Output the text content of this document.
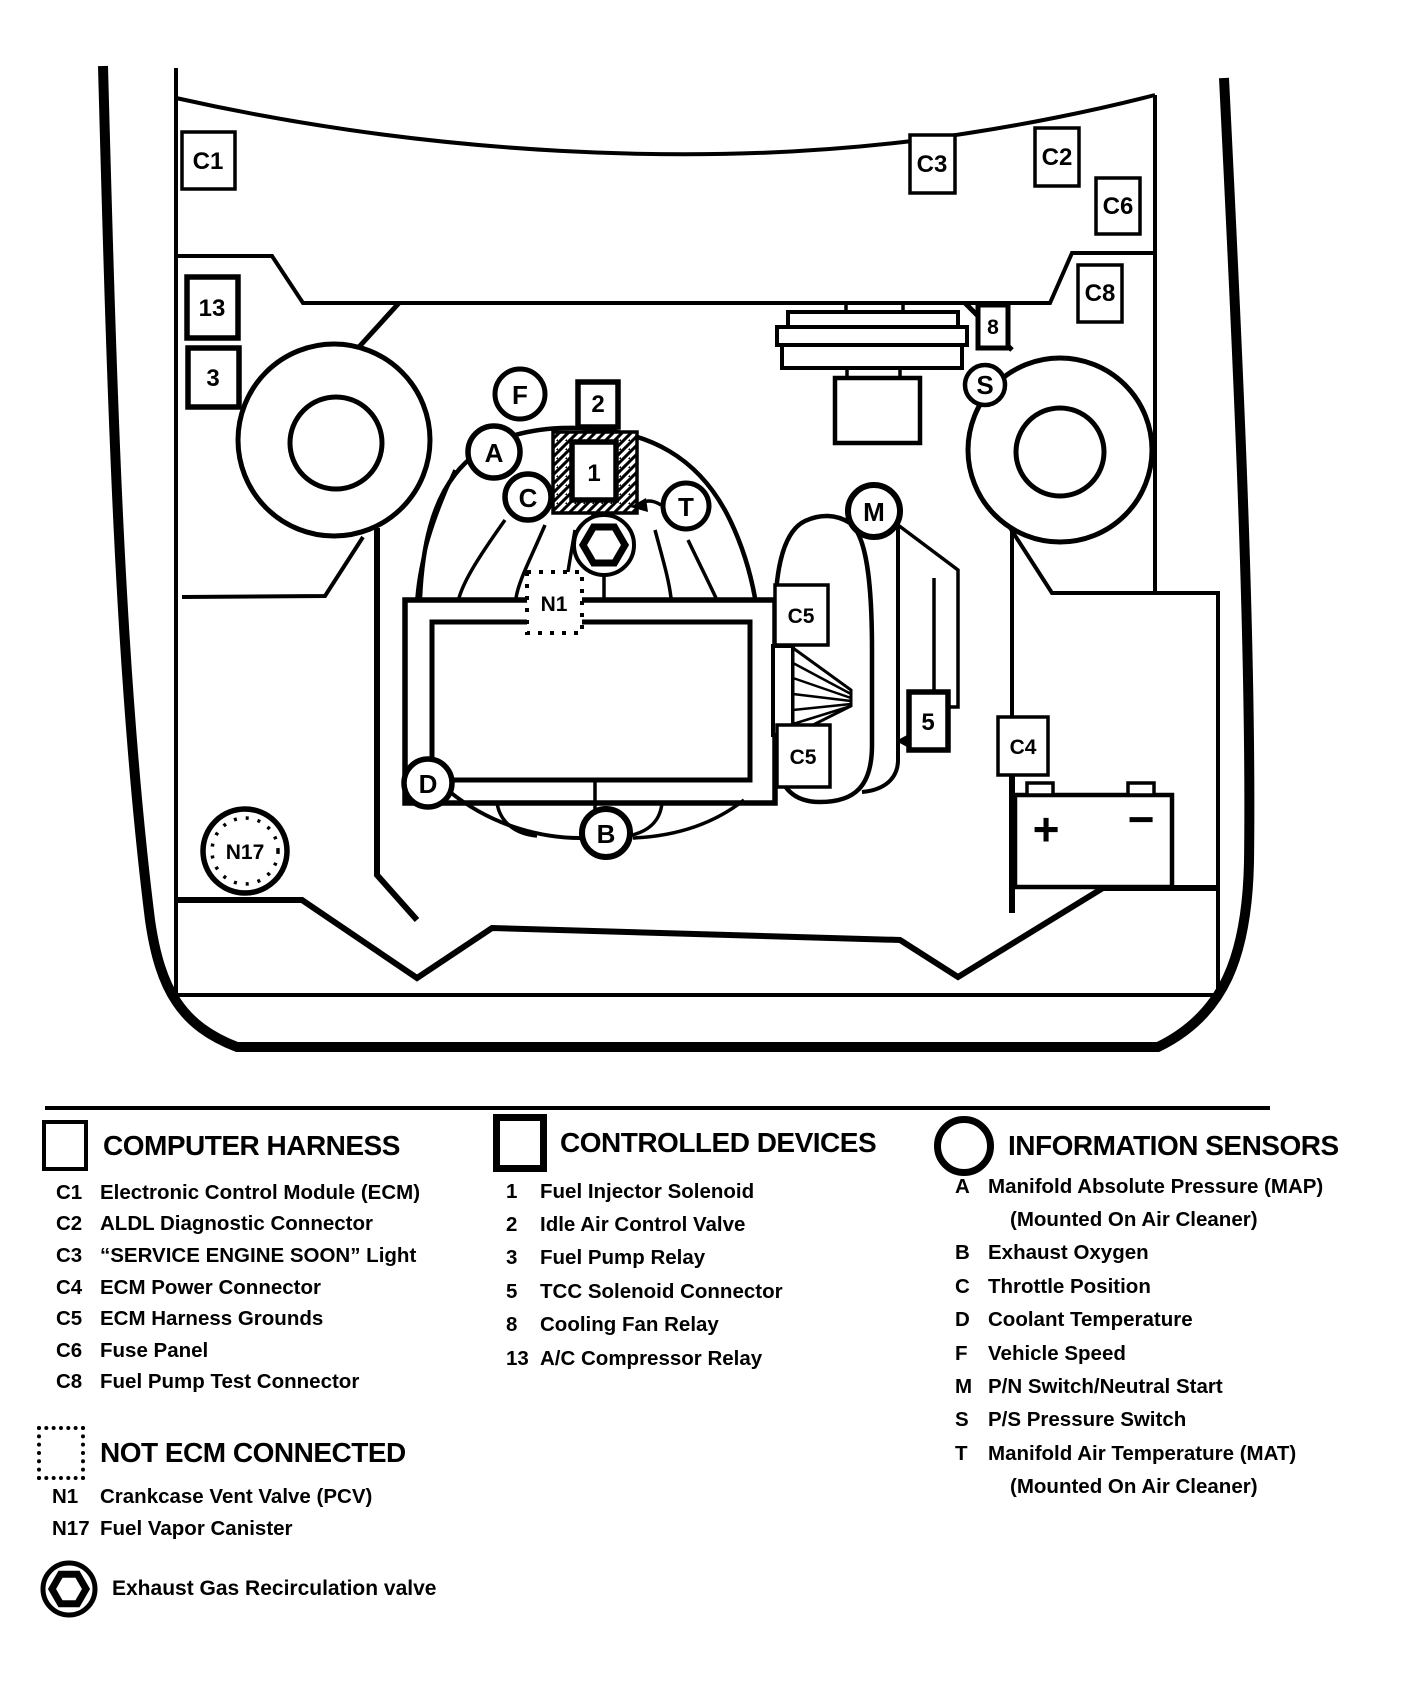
1
2
N1
F
A
C	T
D
B
S
C5
C5
M
5
C4
+ −
C1	C3	C2
C6
C8
13
3
8
N17
COMPUTER HARNESS
C1 Electronic Control Module (ECM)
C2 ALDL Diagnostic Connector
C3 “SERVICE ENGINE SOON” Light
C4 ECM Power Connector
C5 ECM Harness Grounds
C6 Fuse Panel
C8 Fuel Pump Test Connector
NOT ECM CONNECTED
N1	Crankcase Vent Valve (PCV)
N17 Fuel Vapor Canister
Exhaust Gas Recirculation valve
CONTROLLED DEVICES
1	Fuel Injector Solenoid
2	Idle Air Control Valve
3	Fuel Pump Relay
5	TCC Solenoid Connector
8	Cooling Fan Relay
13 A/C Compressor Relay
INFORMATION SENSORS
A Manifold Absolute Pressure (MAP)
(Mounted On Air Cleaner)
B Exhaust Oxygen
C Throttle Position
D Coolant Temperature
F Vehicle Speed
M P/N Switch/Neutral Start
S P/S Pressure Switch
T Manifold Air Temperature (MAT)
(Mounted On Air Cleaner)
